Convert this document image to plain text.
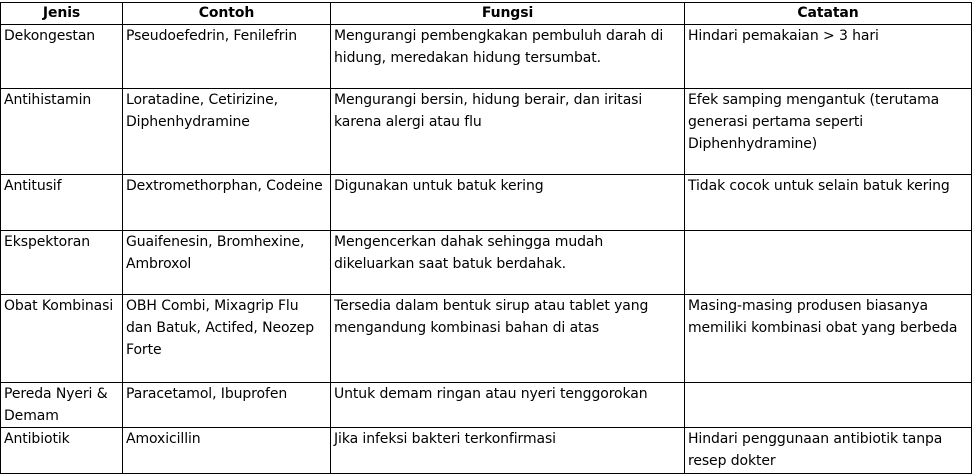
Jenis	Contoh	Fungsi	Catatan
Dekongestan	Pseudoefedrin, Fenilefrin	Mengurangi pembengkakan pembuluh darah di hidung, meredakan hidung tersumbat.	Hindari pemakaian > 3 hari
Antihistamin	Loratadine, Cetirizine, Diphenhydramine	Mengurangi bersin, hidung berair, dan iritasi karena alergi atau flu	Efek samping mengantuk (terutama generasi pertama seperti Diphenhydramine)
Antitusif	Dextromethorphan, Codeine	Digunakan untuk batuk kering	Tidak cocok untuk selain batuk kering
Ekspektoran	Guaifenesin, Bromhexine, Ambroxol	Mengencerkan dahak sehingga mudah dikeluarkan saat batuk berdahak.	
Obat Kombinasi	OBH Combi, Mixagrip Flu dan Batuk, Actifed, Neozep Forte	Tersedia dalam bentuk sirup atau tablet yang mengandung kombinasi bahan di atas	Masing-masing produsen biasanya memiliki kombinasi obat yang berbeda
Pereda Nyeri & Demam	Paracetamol, Ibuprofen	Untuk demam ringan atau nyeri tenggorokan	
Antibiotik	Amoxicillin	Jika infeksi bakteri terkonfirmasi	Hindari penggunaan antibiotik tanpa resep dokter
